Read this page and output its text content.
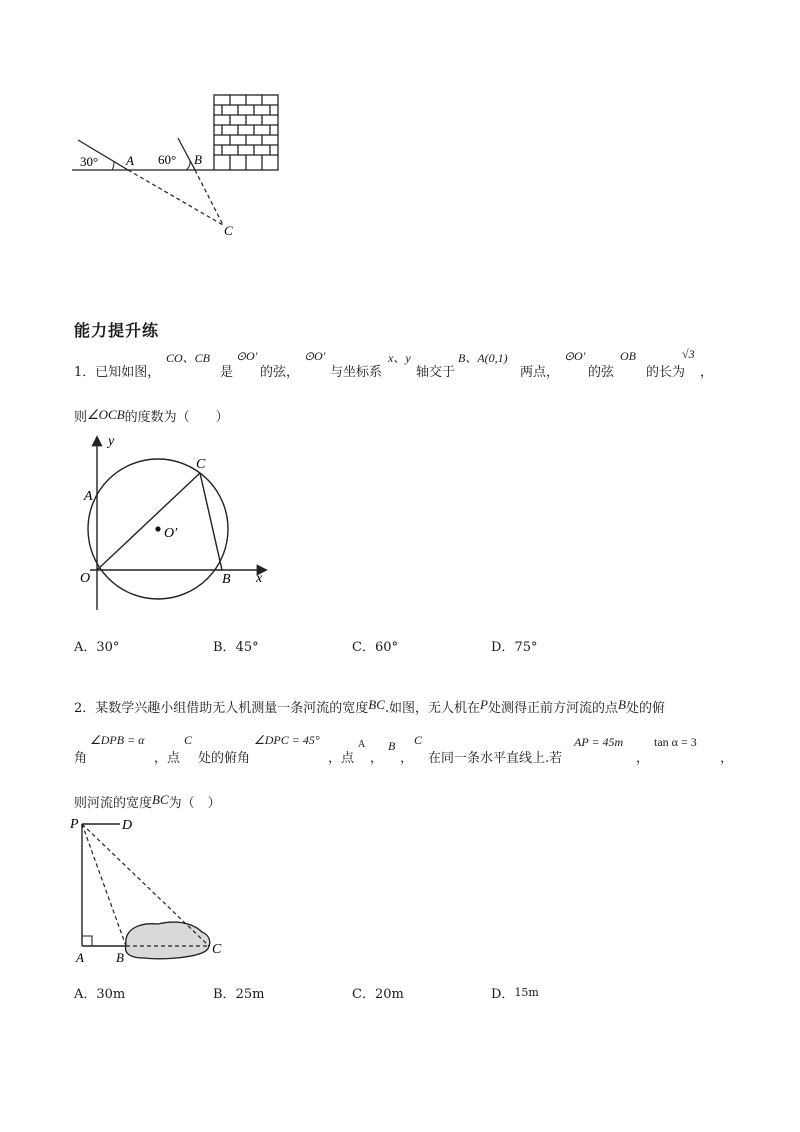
30° A 60° B
C
能力提升练
1．已知如图，
CO、CB
是
⊙O′
的弦，
⊙O′
与坐标系
x、y
轴交于
B、A(0,1)
两点，
⊙O′
的弦
OB
的长为
√3
，
则∠OCB的度数为（　　）
y
x
C
A
O	B
O′
A．30°	B．45°	C．60°	D．75°
2．某数学兴趣小组借助无人机测量一条河流的宽度BC.如图，无人机在P处测得正前方河流的点B处的俯
角
∠DPB = α
，点
C
处的俯角
∠DPC = 45°
，点
A
，
B
，
C
在同一条水平直线上.若
AP = 45m
，
tan α = 3
，
则河流的宽度BC为（　）
P	D
A B
C
A．30m	B．25m	C．20m	D．15m
